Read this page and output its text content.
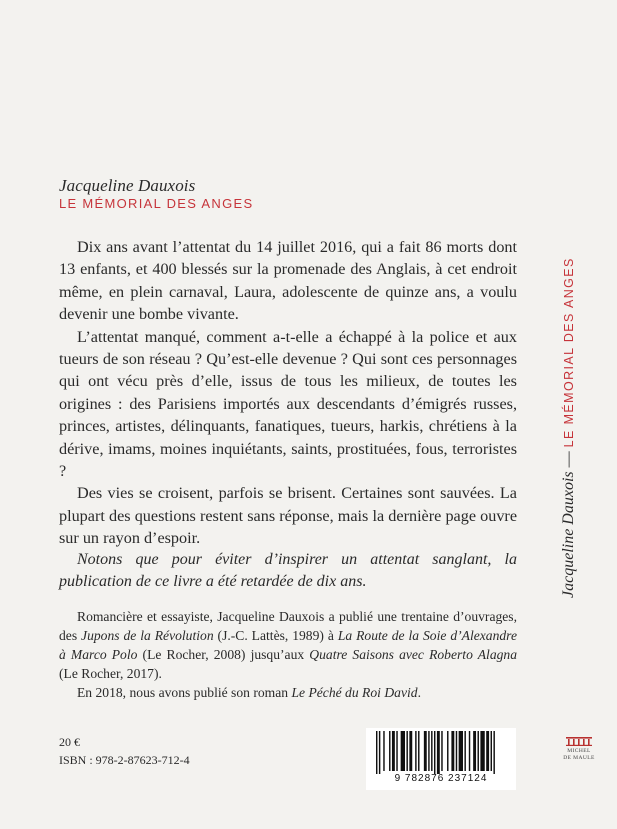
Jacqueline Dauxois
LE MÉMORIAL DES ANGES

Dix ans avant l’attentat du 14 juillet 2016, qui a fait 86 morts dont 13 enfants, et 400 blessés sur la promenade des Anglais, à cet endroit même, en plein carnaval, Laura, adolescente de quinze ans, a voulu devenir une bombe vivante.

L’attentat manqué, comment a-t-elle a échappé à la police et aux tueurs de son réseau ? Qu’est-elle devenue ? Qui sont ces personnages qui ont vécu près d’elle, issus de tous les milieux, de toutes les origines : des Parisiens importés aux descendants d’émigrés russes, princes, artistes, délinquants, fanatiques, tueurs, harkis, chrétiens à la dérive, imams, moines inquiétants, saints, prostituées, fous, terroristes ?

Des vies se croisent, parfois se brisent. Certaines sont sauvées. La plupart des questions restent sans réponse, mais la dernière page ouvre sur un rayon d’espoir.

Notons que pour éviter d’inspirer un attentat sanglant, la publication de ce livre a été retardée de dix ans.

Romancière et essayiste, Jacqueline Dauxois a publié une trentaine d’ouvrages, des Jupons de la Révolution (J.-C. Lattès, 1989) à La Route de la Soie d’Alexandre à Marco Polo (Le Rocher, 2008) jusqu’aux Quatre Saisons avec Roberto Alagna (Le Rocher, 2017).

En 2018, nous avons publié son roman Le Péché du Roi David.

20 €
ISBN : 978-2-87623-712-4
9 782876 237124
Jacqueline Dauxois — LE MÉMORIAL DES ANGES
MICHEL
DE MAULE
